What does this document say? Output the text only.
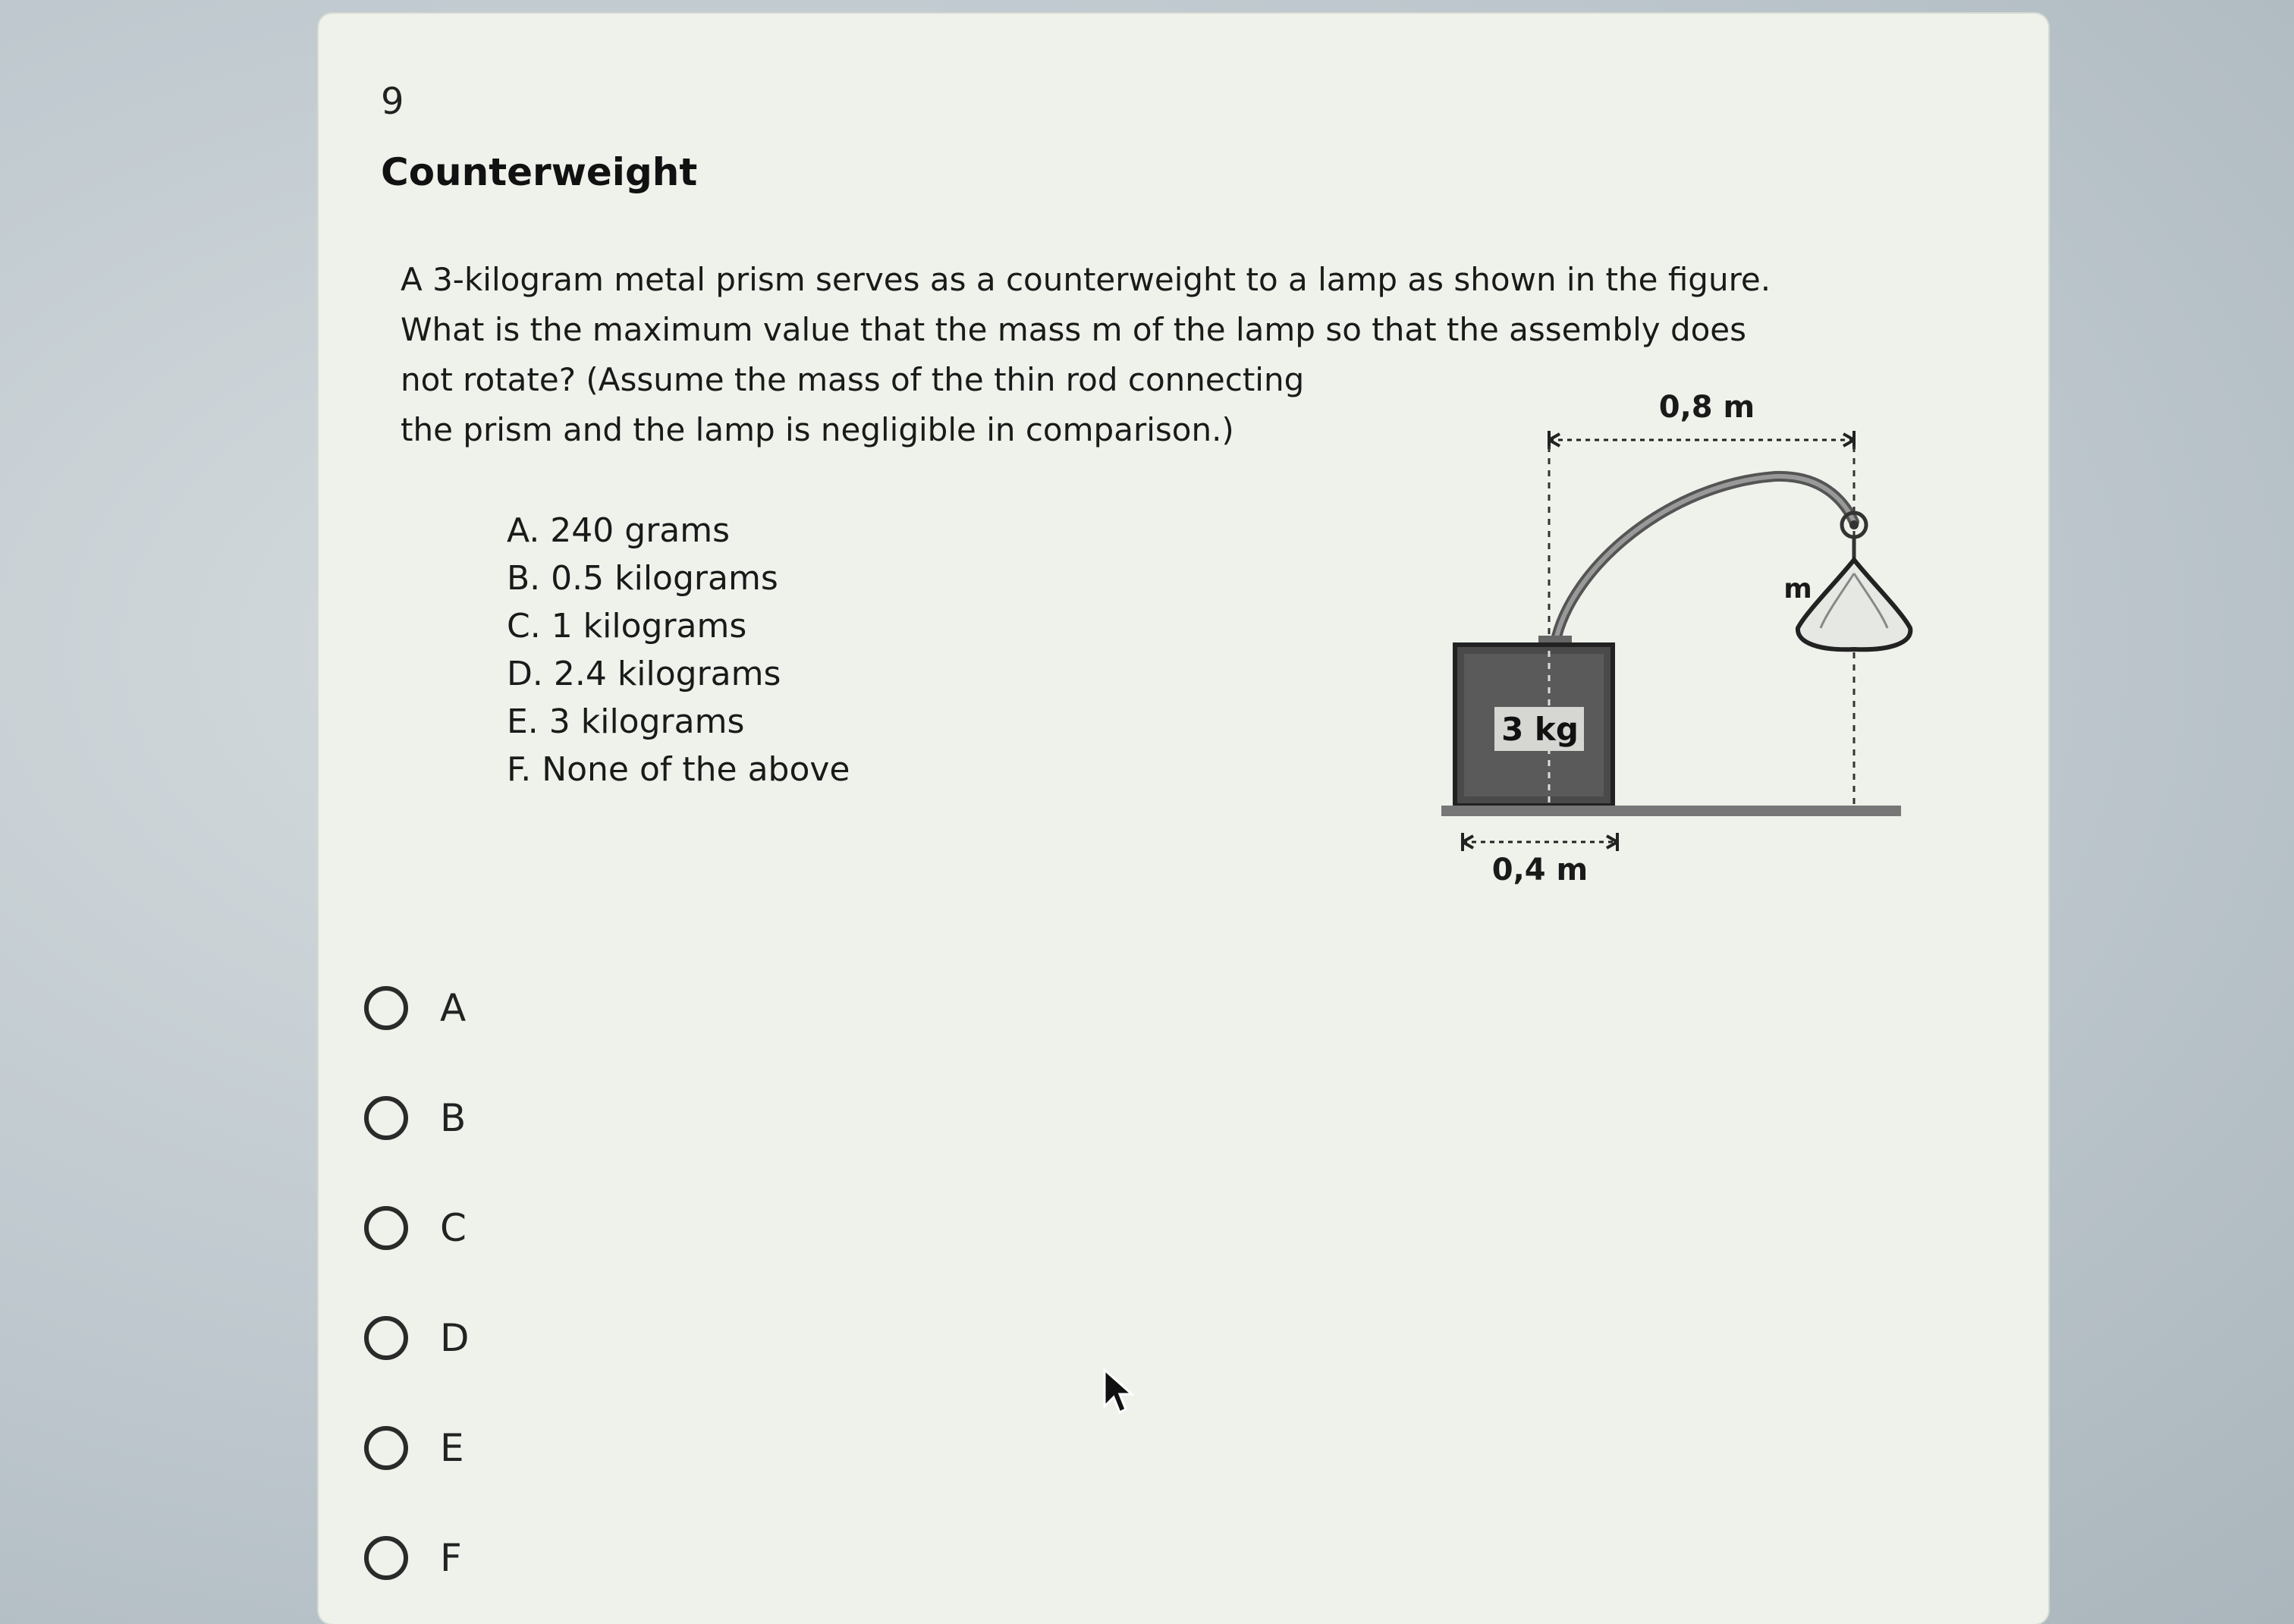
9
Counterweight
A 3-kilogram metal prism serves as a counterweight to a lamp as shown in the figure.
What is the maximum value that the mass m of the lamp so that the assembly does
not rotate? (Assume the mass of the thin rod connecting
the prism and the lamp is negligible in comparison.)
A. 240 grams
B. 0.5 kilograms
C. 1 kilograms
D. 2.4 kilograms
E. 3 kilograms
F. None of the above
0,8 m
m
3 kg
0,4 m
A
B
C
D
E
F
